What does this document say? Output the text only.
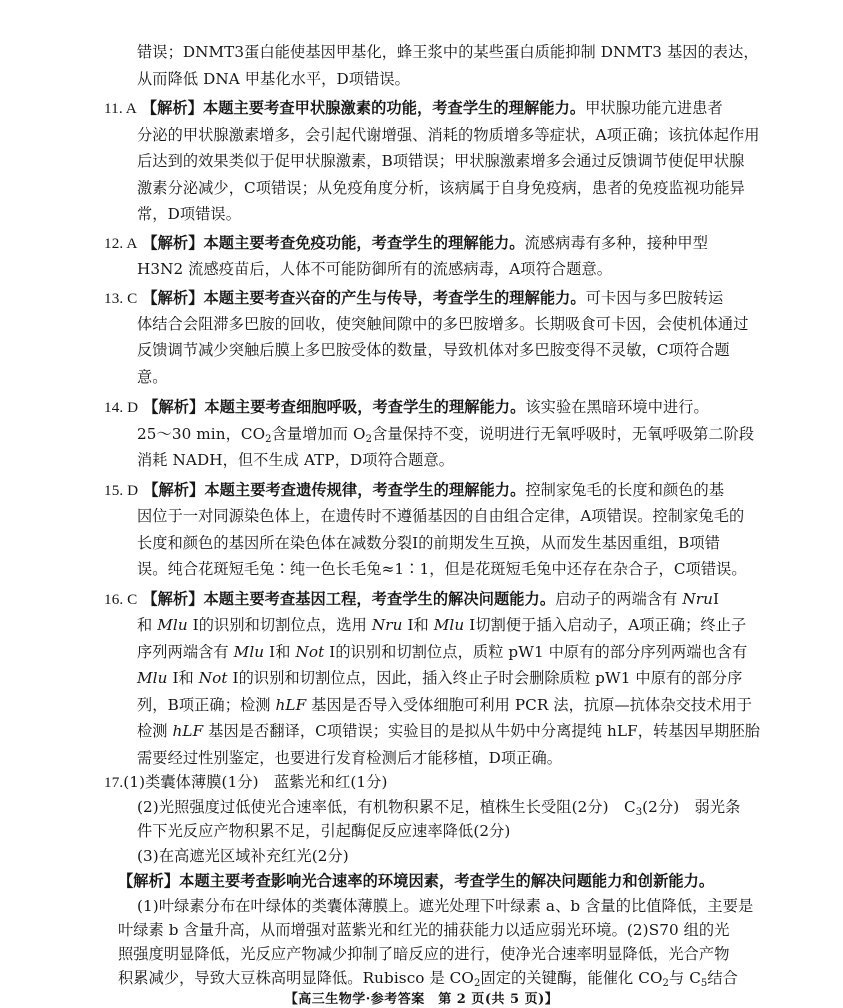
错误；DNMT3蛋白能使基因甲基化，蜂王浆中的某些蛋白质能抑制 DNMT3 基因的表达，
从而降低 DNA 甲基化水平，D项错误。
11. A 【解析】本题主要考查甲状腺激素的功能，考查学生的理解能力。甲状腺功能亢进患者
分泌的甲状腺激素增多，会引起代谢增强、消耗的物质增多等症状，A项正确；该抗体起作用
后达到的效果类似于促甲状腺激素，B项错误；甲状腺激素增多会通过反馈调节使促甲状腺
激素分泌减少，C项错误；从免疫角度分析，该病属于自身免疫病，患者的免疫监视功能异
常，D项错误。
12. A 【解析】本题主要考查免疫功能，考查学生的理解能力。流感病毒有多种，接种甲型
H3N2 流感疫苗后，人体不可能防御所有的流感病毒，A项符合题意。
13. C 【解析】本题主要考查兴奋的产生与传导，考查学生的理解能力。可卡因与多巴胺转运
体结合会阻滞多巴胺的回收，使突触间隙中的多巴胺增多。长期吸食可卡因，会使机体通过
反馈调节减少突触后膜上多巴胺受体的数量，导致机体对多巴胺变得不灵敏，C项符合题
意。
14. D 【解析】本题主要考查细胞呼吸，考查学生的理解能力。该实验在黑暗环境中进行。
25～30 min，$CO_2$含量增加而 $O_2$含量保持不变，说明进行无氧呼吸时，无氧呼吸第二阶段
消耗 NADH，但不生成 ATP，D项符合题意。
15. D 【解析】本题主要考查遗传规律，考查学生的理解能力。控制家兔毛的长度和颜色的基
因位于一对同源染色体上，在遗传时不遵循基因的自由组合定律，A项错误。控制家兔毛的
长度和颜色的基因所在染色体在减数分裂Ⅰ的前期发生互换，从而发生基因重组，B项错
误。纯合花斑短毛兔∶纯一色长毛兔≈1∶1，但是花斑短毛兔中还存在杂合子，C项错误。
16. C 【解析】本题主要考查基因工程，考查学生的解决问题能力。启动子的两端含有 NruⅠ
和 Mlu Ⅰ的识别和切割位点，选用 Nru Ⅰ和 Mlu Ⅰ切割便于插入启动子，A项正确；终止子
序列两端含有 Mlu Ⅰ和 Not Ⅰ的识别和切割位点，质粒 pW1 中原有的部分序列两端也含有
Mlu Ⅰ和 Not Ⅰ的识别和切割位点，因此，插入终止子时会删除质粒 pW1 中原有的部分序
列，B项正确；检测 hLF 基因是否导入受体细胞可利用 PCR 法，抗原—抗体杂交技术用于
检测 hLF 基因是否翻译，C项错误；实验目的是拟从牛奶中分离提纯 hLF，转基因早期胚胎
需要经过性别鉴定，也要进行发育检测后才能移植，D项正确。
17.(1)类囊体薄膜(1分)　蓝紫光和红(1分)
(2)光照强度过低使光合速率低，有机物积累不足，植株生长受阻(2分)　$C_3(2$分)　弱光条
件下光反应产物积累不足，引起酶促反应速率降低(2分)
(3)在高遮光区域补充红光(2分)
【解析】本题主要考查影响光合速率的环境因素，考查学生的解决问题能力和创新能力。
(1)叶绿素分布在叶绿体的类囊体薄膜上。遮光处理下叶绿素 a、b 含量的比值降低，主要是
叶绿素 b 含量升高，从而增强对蓝紫光和红光的捕获能力以适应弱光环境。(2)S70 组的光
照强度明显降低，光反应产物减少抑制了暗反应的进行，使净光合速率明显降低，光合产物
积累减少，导致大豆株高明显降低。Rubisco 是 $CO_2$固定的关键酶，能催化 $CO_2$与 $C_5$结合
【高三生物学·参考答案　第 2 页(共 5 页)】
